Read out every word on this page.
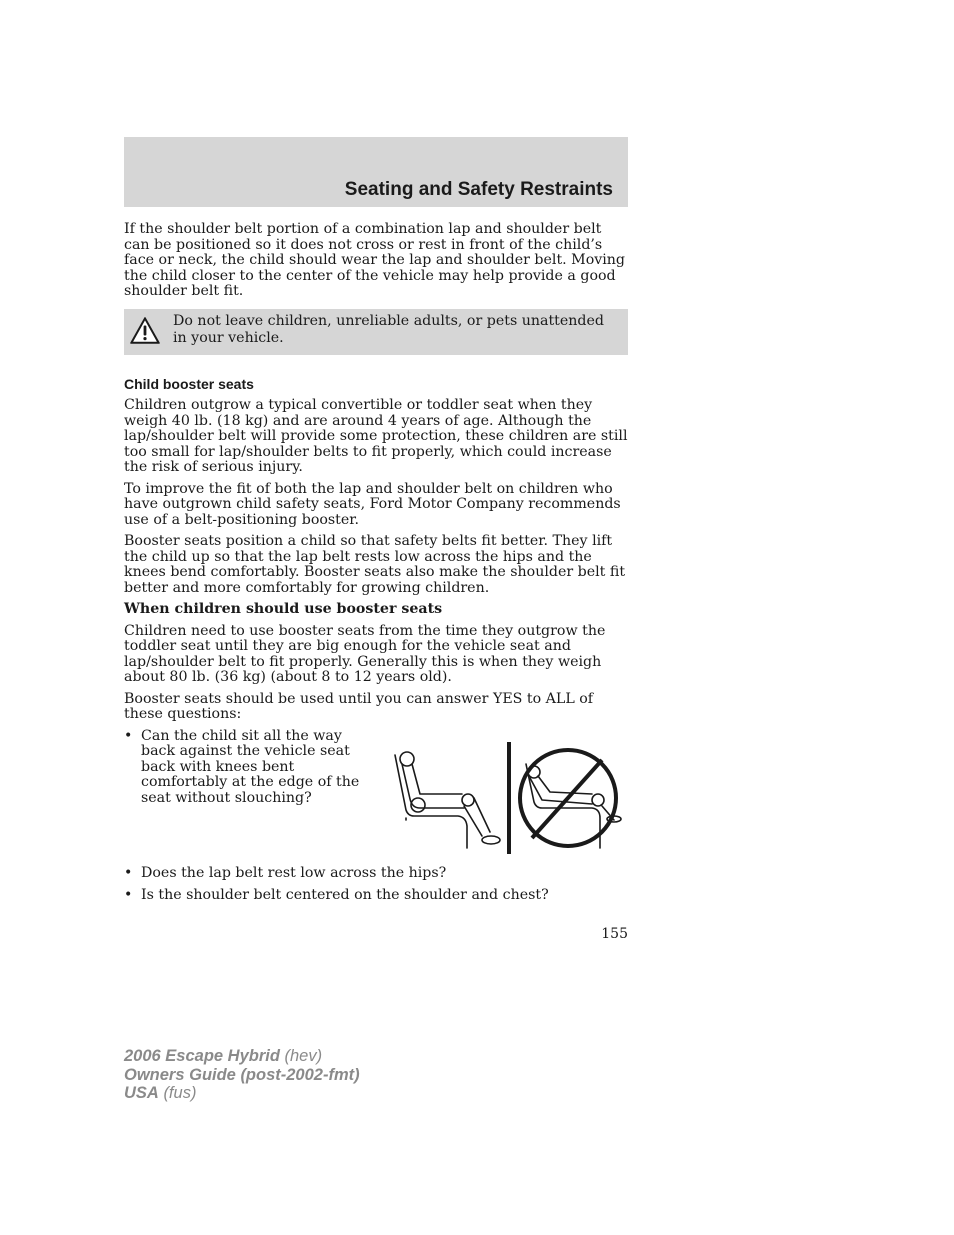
Seating and Safety Restraints

If the shoulder belt portion of a combination lap and shoulder belt can be positioned so it does not cross or rest in front of the child’s face or neck, the child should wear the lap and shoulder belt. Moving the child closer to the center of the vehicle may help provide a good shoulder belt fit.

Do not leave children, unreliable adults, or pets unattended in your vehicle.
Child booster seats

Children outgrow a typical convertible or toddler seat when they weigh 40 lb. (18 kg) and are around 4 years of age. Although the lap/shoulder belt will provide some protection, these children are still too small for lap/shoulder belts to fit properly, which could increase the risk of serious injury.

To improve the fit of both the lap and shoulder belt on children who have outgrown child safety seats, Ford Motor Company recommends use of a belt-positioning booster.

Booster seats position a child so that safety belts fit better. They lift the child up so that the lap belt rests low across the hips and the knees bend comfortably. Booster seats also make the shoulder belt fit better and more comfortably for growing children.

When children should use booster seats

Children need to use booster seats from the time they outgrow the toddler seat until they are big enough for the vehicle seat and lap/shoulder belt to fit properly. Generally this is when they weigh about 80 lb. (36 kg) (about 8 to 12 years old).

Booster seats should be used until you can answer YES to ALL of these questions:

• Can the child sit all the way back against the vehicle seat back with knees bent comfortably at the edge of the seat without slouching?
• Does the lap belt rest low across the hips?
• Is the shoulder belt centered on the shoulder and chest?
155
2006 Escape Hybrid (hev)
Owners Guide (post-2002-fmt)
USA (fus)
